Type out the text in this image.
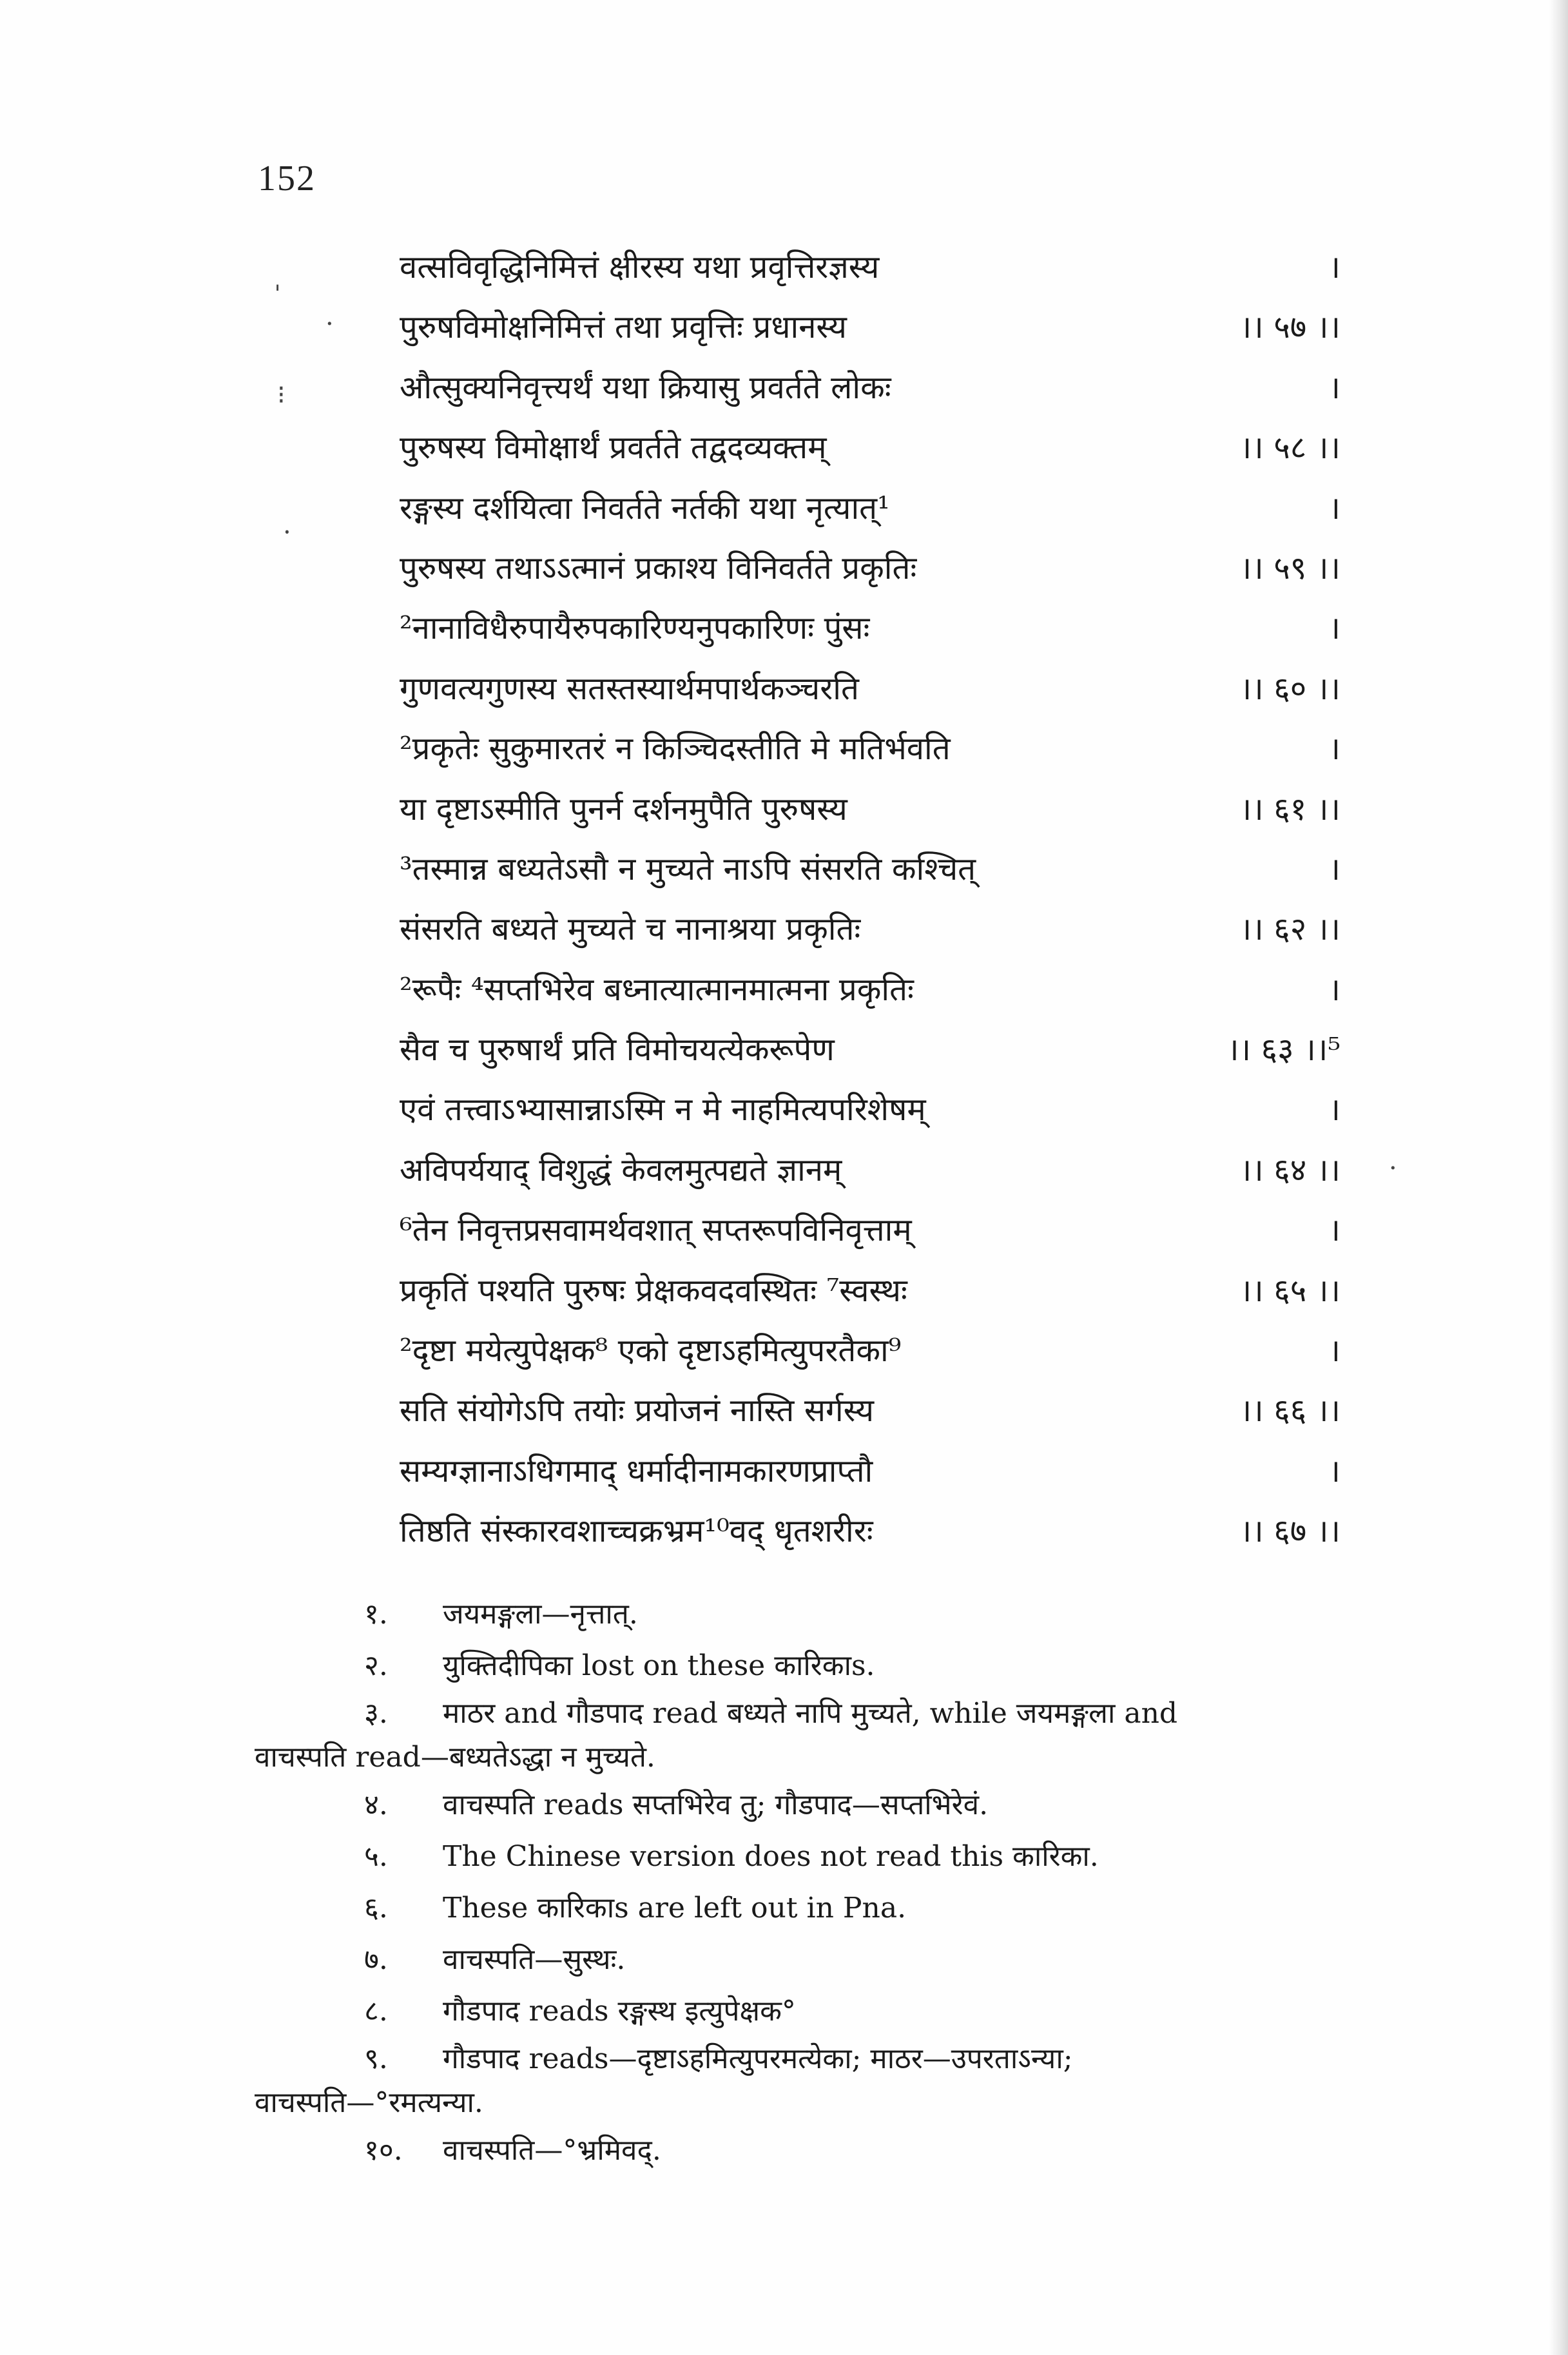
152
वत्सविवृद्धिनिमित्तं क्षीरस्य यथा प्रवृत्तिरज्ञस्य	।
पुरुषविमोक्षनिमित्तं तथा प्रवृत्तिः प्रधानस्य	।। ५७ ।।
औत्सुक्यनिवृत्त्यर्थं यथा क्रियासु प्रवर्तते लोकः	।
पुरुषस्य विमोक्षार्थं प्रवर्तते तद्वदव्यक्तम्	।। ५८ ।।
रङ्गस्य दर्शयित्वा निवर्तते नर्तकी यथा नृत्यात्¹	।
पुरुषस्य तथाऽऽत्मानं प्रकाश्य विनिवर्तते प्रकृतिः	।। ५९ ।।
²नानाविधैरुपायैरुपकारिण्यनुपकारिणः पुंसः	।
गुणवत्यगुणस्य सतस्तस्यार्थमपार्थकञ्चरति	।। ६० ।।
²प्रकृतेः सुकुमारतरं न किञ्चिदस्तीति मे मतिर्भवति	।
या दृष्टाऽस्मीति पुनर्न दर्शनमुपैति पुरुषस्य	।। ६१ ।।
³तस्मान्न बध्यतेऽसौ न मुच्यते नाऽपि संसरति कश्चित्	।
संसरति बध्यते मुच्यते च नानाश्रया प्रकृतिः	।। ६२ ।।
²रूपैः ⁴सप्तभिरेव बध्नात्यात्मानमात्मना प्रकृतिः	।
सैव च पुरुषार्थं प्रति विमोचयत्येकरूपेण	।। ६३ ।।⁵
एवं तत्त्वाऽभ्यासान्नाऽस्मि न मे नाहमित्यपरिशेषम्	।
अविपर्ययाद् विशुद्धं केवलमुत्पद्यते ज्ञानम्	।। ६४ ।।
⁶तेन निवृत्तप्रसवामर्थवशात् सप्तरूपविनिवृत्ताम्	।
प्रकृतिं पश्यति पुरुषः प्रेक्षकवदवस्थितः ⁷स्वस्थः	।। ६५ ।।
²दृष्टा मयेत्युपेक्षक⁸ एको दृष्टाऽहमित्युपरतैका⁹	।
सति संयोगेऽपि तयोः प्रयोजनं नास्ति सर्गस्य	।। ६६ ।।
सम्यग्ज्ञानाऽधिगमाद् धर्मादीनामकारणप्राप्तौ	।
तिष्ठति संस्कारवशाच्चक्रभ्रम¹⁰वद् धृतशरीरः	।। ६७ ।।
१. जयमङ्गला—नृत्तात्.
२. युक्तिदीपिका lost on these कारिकाs.
३. माठर and गौडपाद read बध्यते नापि मुच्यते, while जयमङ्गला and
वाचस्पति read—बध्यतेऽद्धा न मुच्यते.
४. वाचस्पति reads सप्तभिरेव तु; गौडपाद—सप्तभिरेवं.
५. The Chinese version does not read this कारिका.
६. These कारिकाs are left out in Pna.
७. वाचस्पति—सुस्थः.
८. गौडपाद reads रङ्गस्थ इत्युपेक्षक°
९. गौडपाद reads—दृष्टाऽहमित्युपरमत्येका; माठर—उपरताऽन्या;
वाचस्पति—°रमत्यन्या.
१०. वाचस्पति—°भ्रमिवद्.
ˌ
·
⁝
⸳
·
